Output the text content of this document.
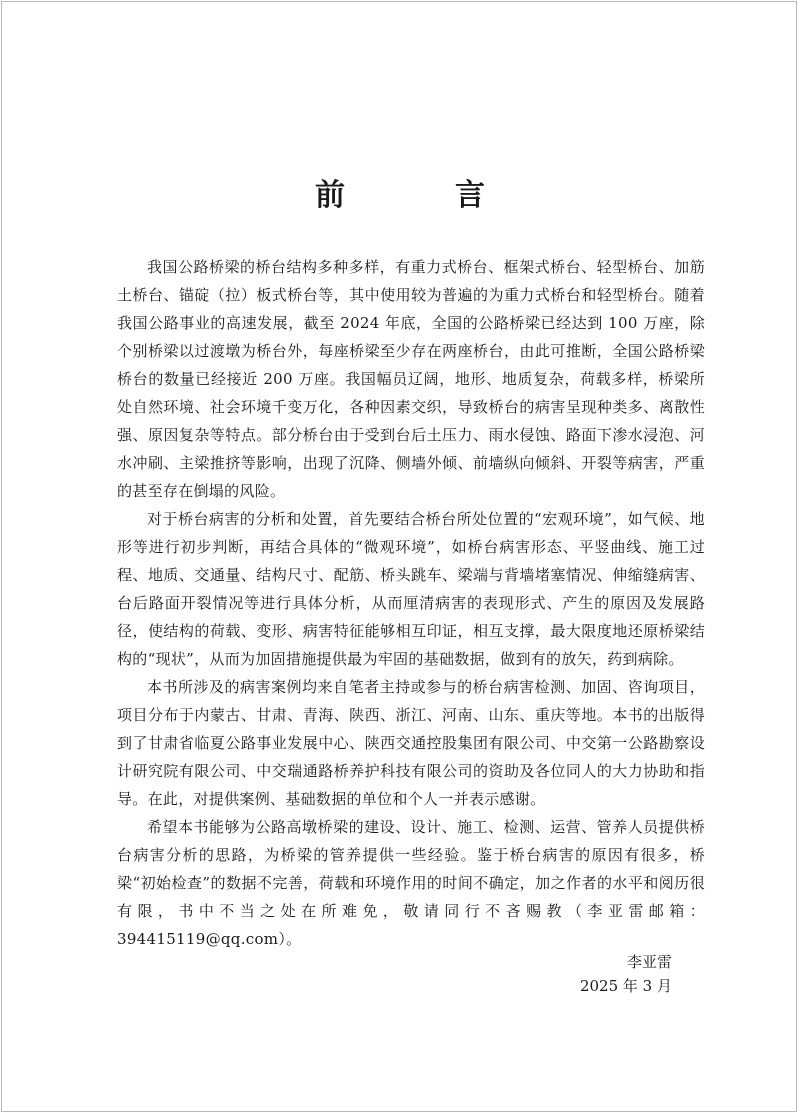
前　言

我国公路桥梁的桥台结构多种多样，有重力式桥台、框架式桥台、轻型桥台、加筋土桥台、锚碇（拉）板式桥台等，其中使用较为普遍的为重力式桥台和轻型桥台。随着我国公路事业的高速发展，截至 2024 年底，全国的公路桥梁已经达到 100 万座，除个别桥梁以过渡墩为桥台外，每座桥梁至少存在两座桥台，由此可推断，全国公路桥梁桥台的数量已经接近 200 万座。我国幅员辽阔，地形、地质复杂，荷载多样，桥梁所处自然环境、社会环境千变万化，各种因素交织，导致桥台的病害呈现种类多、离散性强、原因复杂等特点。部分桥台由于受到台后土压力、雨水侵蚀、路面下渗水浸泡、河水冲刷、主梁推挤等影响，出现了沉降、侧墙外倾、前墙纵向倾斜、开裂等病害，严重的甚至存在倒塌的风险。

对于桥台病害的分析和处置，首先要结合桥台所处位置的“宏观环境”，如气候、地形等进行初步判断，再结合具体的“微观环境”，如桥台病害形态、平竖曲线、施工过程、地质、交通量、结构尺寸、配筋、桥头跳车、梁端与背墙堵塞情况、伸缩缝病害、台后路面开裂情况等进行具体分析，从而厘清病害的表现形式、产生的原因及发展路径，使结构的荷载、变形、病害特征能够相互印证，相互支撑，最大限度地还原桥梁结构的“现状”，从而为加固措施提供最为牢固的基础数据，做到有的放矢，药到病除。

本书所涉及的病害案例均来自笔者主持或参与的桥台病害检测、加固、咨询项目，项目分布于内蒙古、甘肃、青海、陕西、浙江、河南、山东、重庆等地。本书的出版得到了甘肃省临夏公路事业发展中心、陕西交通控股集团有限公司、中交第一公路勘察设计研究院有限公司、中交瑞通路桥养护科技有限公司的资助及各位同人的大力协助和指导。在此，对提供案例、基础数据的单位和个人一并表示感谢。

希望本书能够为公路高墩桥梁的建设、设计、施工、检测、运营、管养人员提供桥台病害分析的思路，为桥梁的管养提供一些经验。鉴于桥台病害的原因有很多，桥梁“初始检查”的数据不完善，荷载和环境作用的时间不确定，加之作者的水平和阅历很有限，书中不当之处在所难免，敬请同行不吝赐教（李亚雷邮箱：394415119@qq.com）。

李亚雷
2025 年 3 月
